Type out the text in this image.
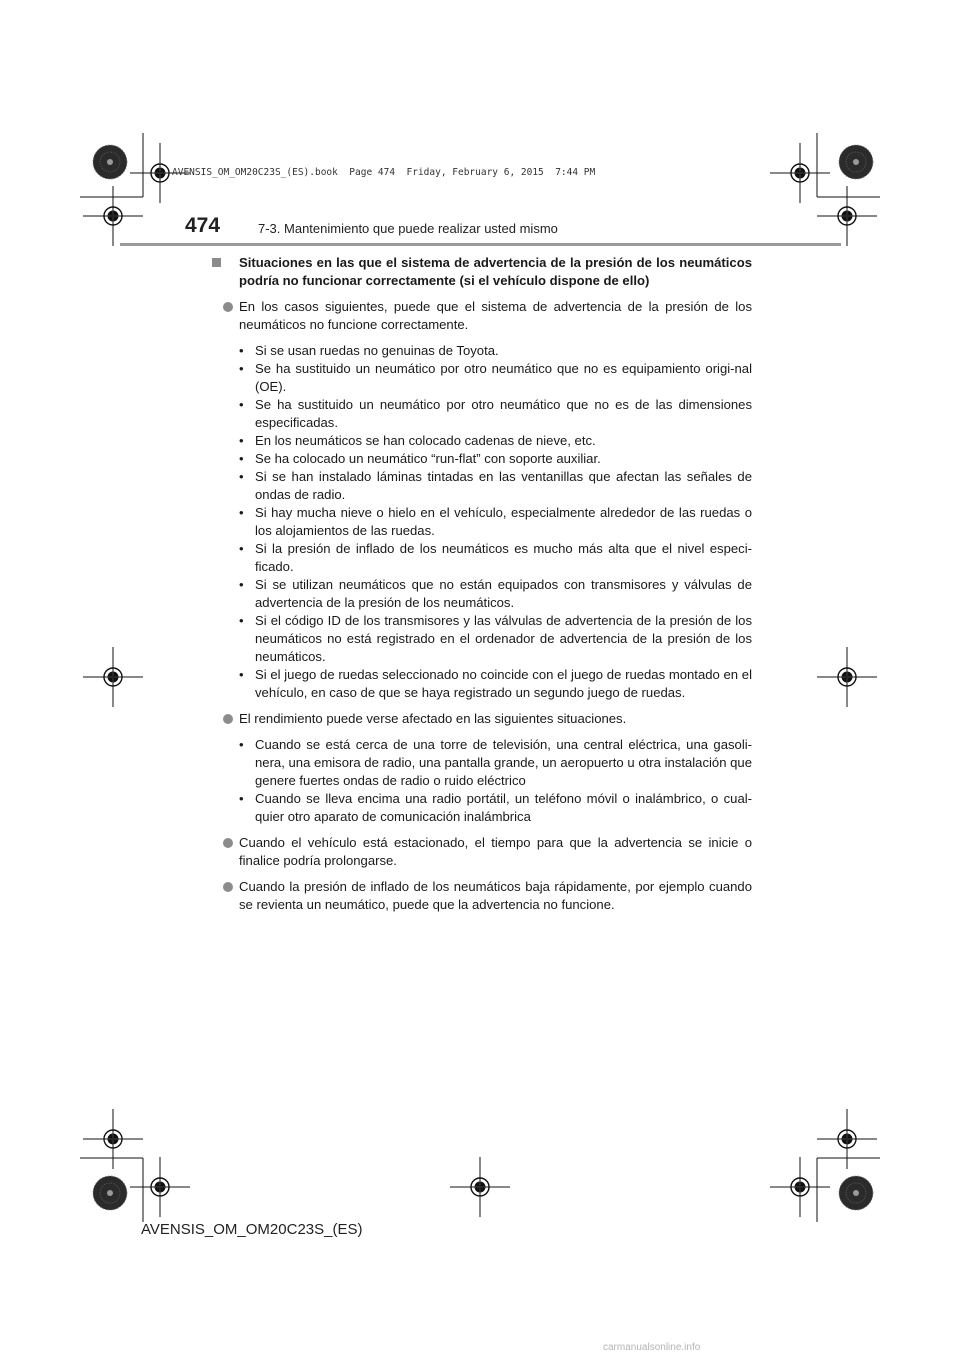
AVENSIS_OM_OM20C23S_(ES).book  Page 474  Friday, February 6, 2015  7:44 PM
474	7-3. Mantenimiento que puede realizar usted mismo
Situaciones en las que el sistema de advertencia de la presión de los neumáticos podría no funcionar correctamente (si el vehículo dispone de ello)
En los casos siguientes, puede que el sistema de advertencia de la presión de los neumáticos no funcione correctamente.
• Si se usan ruedas no genuinas de Toyota.
• Se ha sustituido un neumático por otro neumático que no es equipamiento origi-nal (OE).
• Se ha sustituido un neumático por otro neumático que no es de las dimensiones especificadas.
• En los neumáticos se han colocado cadenas de nieve, etc.
• Se ha colocado un neumático “run-flat” con soporte auxiliar.
• Si se han instalado láminas tintadas en las ventanillas que afectan las señales de ondas de radio.
• Si hay mucha nieve o hielo en el vehículo, especialmente alrededor de las ruedas o los alojamientos de las ruedas.
• Si la presión de inflado de los neumáticos es mucho más alta que el nivel especi-ficado.
• Si se utilizan neumáticos que no están equipados con transmisores y válvulas de advertencia de la presión de los neumáticos.
• Si el código ID de los transmisores y las válvulas de advertencia de la presión de los neumáticos no está registrado en el ordenador de advertencia de la presión de los neumáticos.
• Si el juego de ruedas seleccionado no coincide con el juego de ruedas montado en el vehículo, en caso de que se haya registrado un segundo juego de ruedas.
El rendimiento puede verse afectado en las siguientes situaciones.
• Cuando se está cerca de una torre de televisión, una central eléctrica, una gasoli-nera, una emisora de radio, una pantalla grande, un aeropuerto u otra instalación que genere fuertes ondas de radio o ruido eléctrico
• Cuando se lleva encima una radio portátil, un teléfono móvil o inalámbrico, o cual-quier otro aparato de comunicación inalámbrica
Cuando el vehículo está estacionado, el tiempo para que la advertencia se inicie o finalice podría prolongarse.
Cuando la presión de inflado de los neumáticos baja rápidamente, por ejemplo cuando se revienta un neumático, puede que la advertencia no funcione.
AVENSIS_OM_OM20C23S_(ES)
carmanualsonline.info
